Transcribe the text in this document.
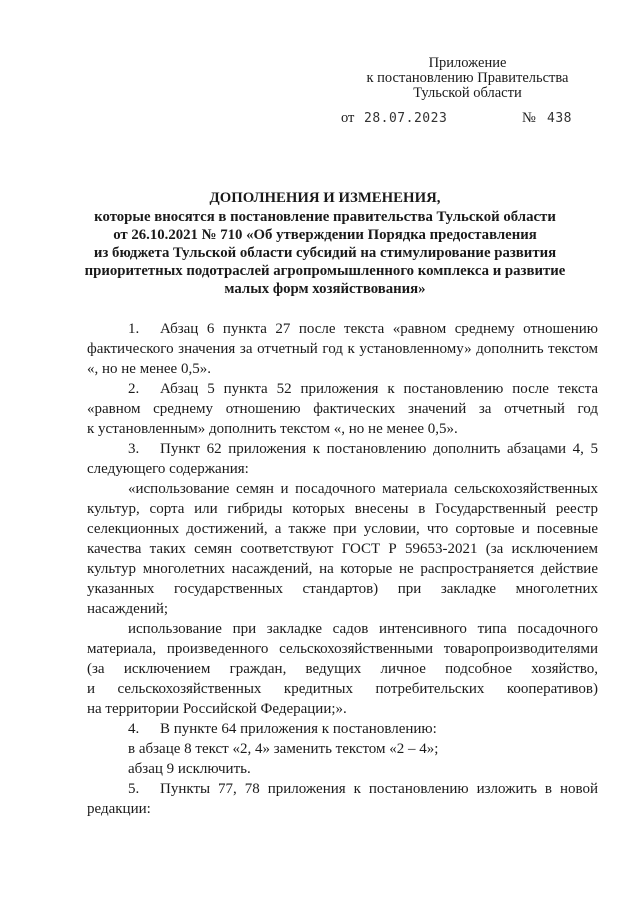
Приложение
к постановлению Правительства
Тульской области
от 28.07.2023	№ 438
ДОПОЛНЕНИЯ И ИЗМЕНЕНИЯ,
которые вносятся в постановление правительства Тульской области
от 26.10.2021 № 710 «Об утверждении Порядка предоставления
из бюджета Тульской области субсидий на стимулирование развития
приоритетных подотраслей агропромышленного комплекса и развитие
малых форм хозяйствования»
1. Абзац 6 пункта 27 после текста «равном среднему отношению
фактического значения за отчетный год к установленному» дополнить текстом
«, но не менее 0,5».
2. Абзац 5 пункта 52 приложения к постановлению после текста
«равном среднему отношению фактических значений за отчетный год
к установленным» дополнить текстом «, но не менее 0,5».
3. Пункт 62 приложения к постановлению дополнить абзацами 4, 5
следующего содержания:
«использование семян и посадочного материала сельскохозяйственных
культур, сорта или гибриды которых внесены в Государственный реестр
селекционных достижений, а также при условии, что сортовые и посевные
качества таких семян соответствуют ГОСТ Р 59653-2021 (за исключением
культур многолетних насаждений, на которые не распространяется действие
указанных государственных стандартов) при закладке многолетних
насаждений;
использование при закладке садов интенсивного типа посадочного
материала, произведенного сельскохозяйственными товаропроизводителями
(за исключением граждан, ведущих личное подсобное хозяйство,
и сельскохозяйственных кредитных потребительских кооперативов)
на территории Российской Федерации;».
4. В пункте 64 приложения к постановлению:
в абзаце 8 текст «2, 4» заменить текстом «2 – 4»;
абзац 9 исключить.
5. Пункты 77, 78 приложения к постановлению изложить в новой
редакции:
